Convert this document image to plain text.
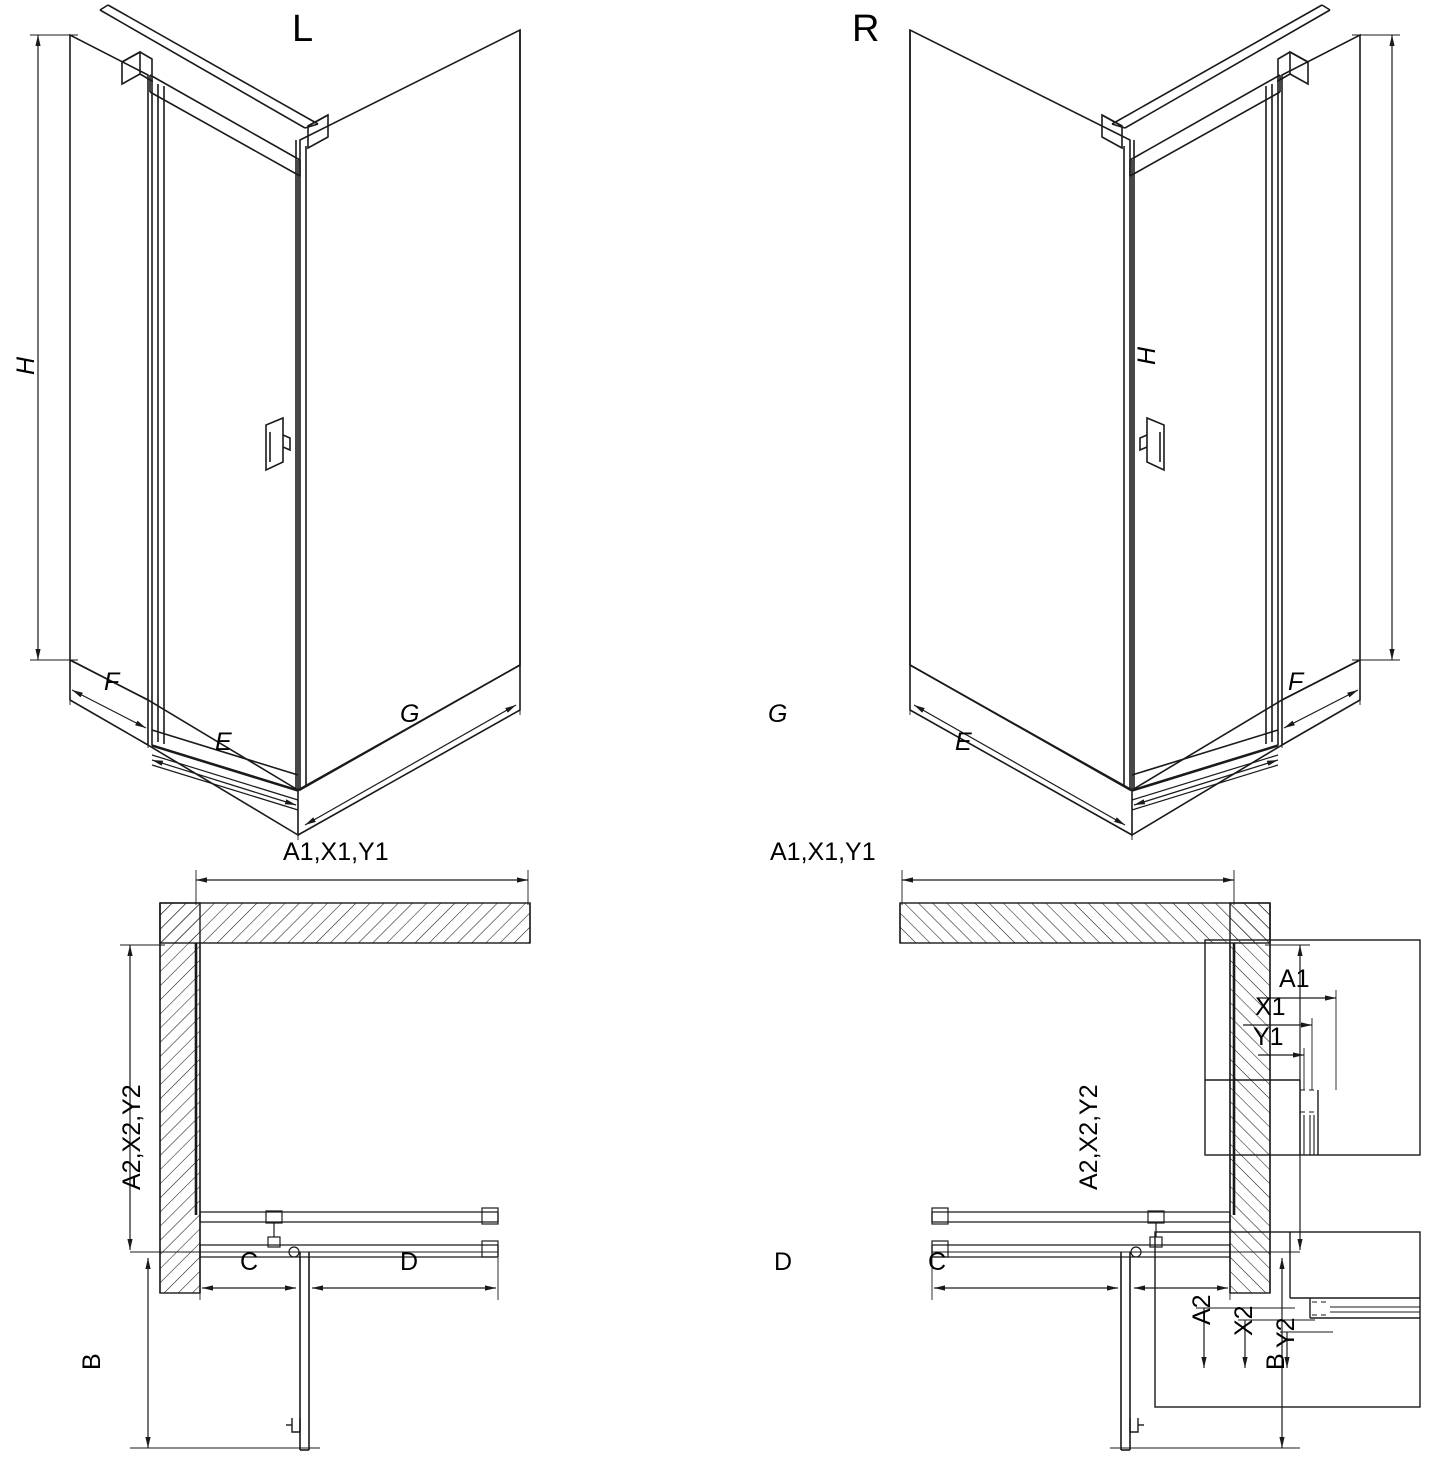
L	R
H
H
F
E
G
F
E
G
A1,X1,Y1	A1,X1,Y1
A2,X2,Y2	A2,X2,Y2
C	D
B
C
D
B
A1
X1
Y1
A2 X2 Y2
